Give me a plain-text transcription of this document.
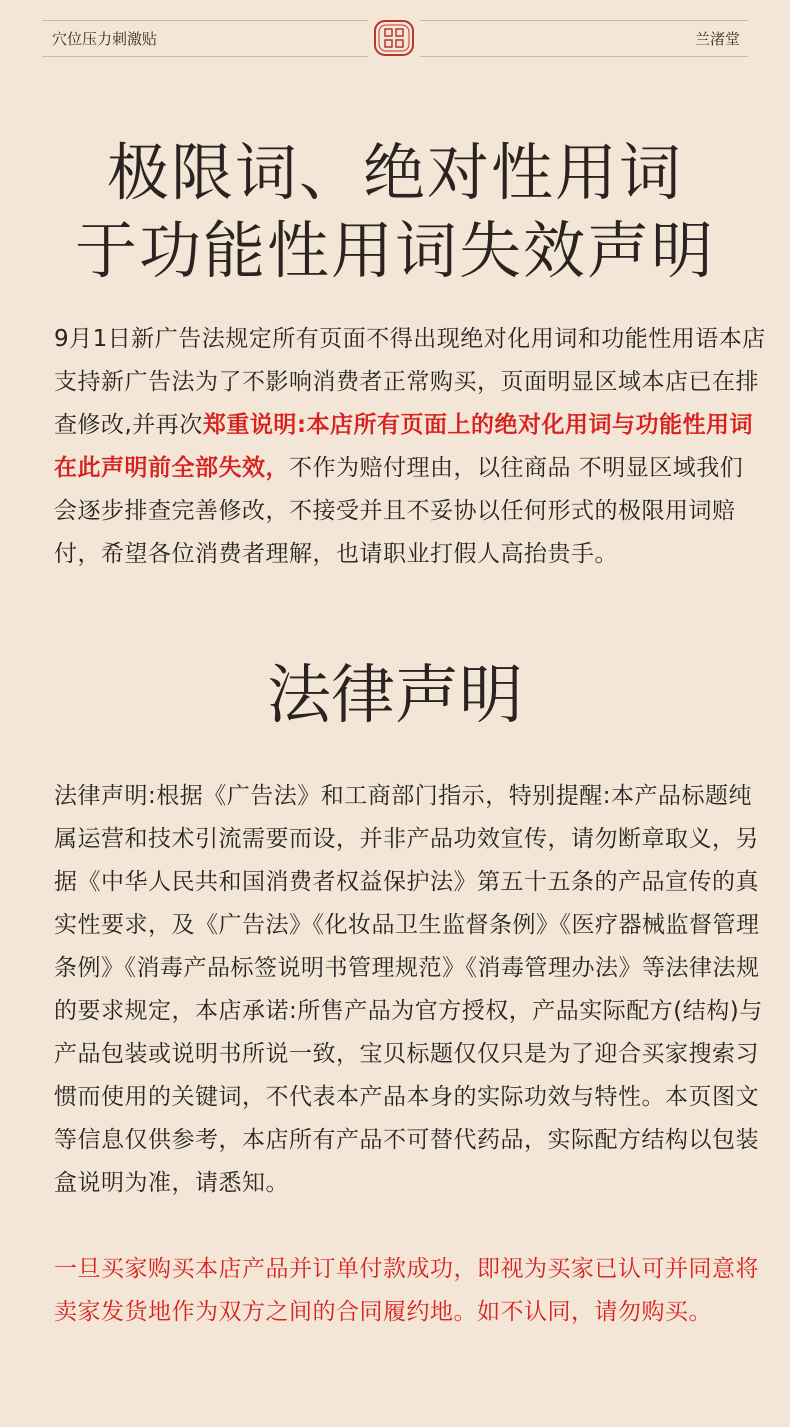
穴位压力刺激贴	兰渚堂
极限词、绝对性用词
于功能性用词失效声明
9月1日新广告法规定所有页面不得出现绝对化用词和功能性用语本店支持新广告法为了不影响消费者正常购买，页面明显区域本店已在排查修改,并再次郑重说明:本店所有页面上的绝对化用词与功能性用词在此声明前全部失效，不作为赔付理由，以往商品 不明显区域我们会逐步排查完善修改，不接受并且不妥协以任何形式的极限用词赔付，希望各位消费者理解，也请职业打假人高抬贵手。
法律声明
法律声明:根据《广告法》和工商部门指示，特别提醒:本产品标题纯属运营和技术引流需要而设，并非产品功效宣传，请勿断章取义，另据《中华人民共和国消费者权益保护法》第五十五条的产品宣传的真实性要求，及《广告法》《化妆品卫生监督条例》《医疗器械监督管理条例》《消毒产品标签说明书管理规范》《消毒管理办法》等法律法规的要求规定，本店承诺:所售产品为官方授权，产品实际配方(结构)与产品包装或说明书所说一致，宝贝标题仅仅只是为了迎合买家搜索习惯而使用的关键词，不代表本产品本身的实际功效与特性。本页图文等信息仅供参考，本店所有产品不可替代药品，实际配方结构以包装盒说明为准，请悉知。
一旦买家购买本店产品并订单付款成功，即视为买家已认可并同意将卖家发货地作为双方之间的合同履约地。如不认同，请勿购买。
